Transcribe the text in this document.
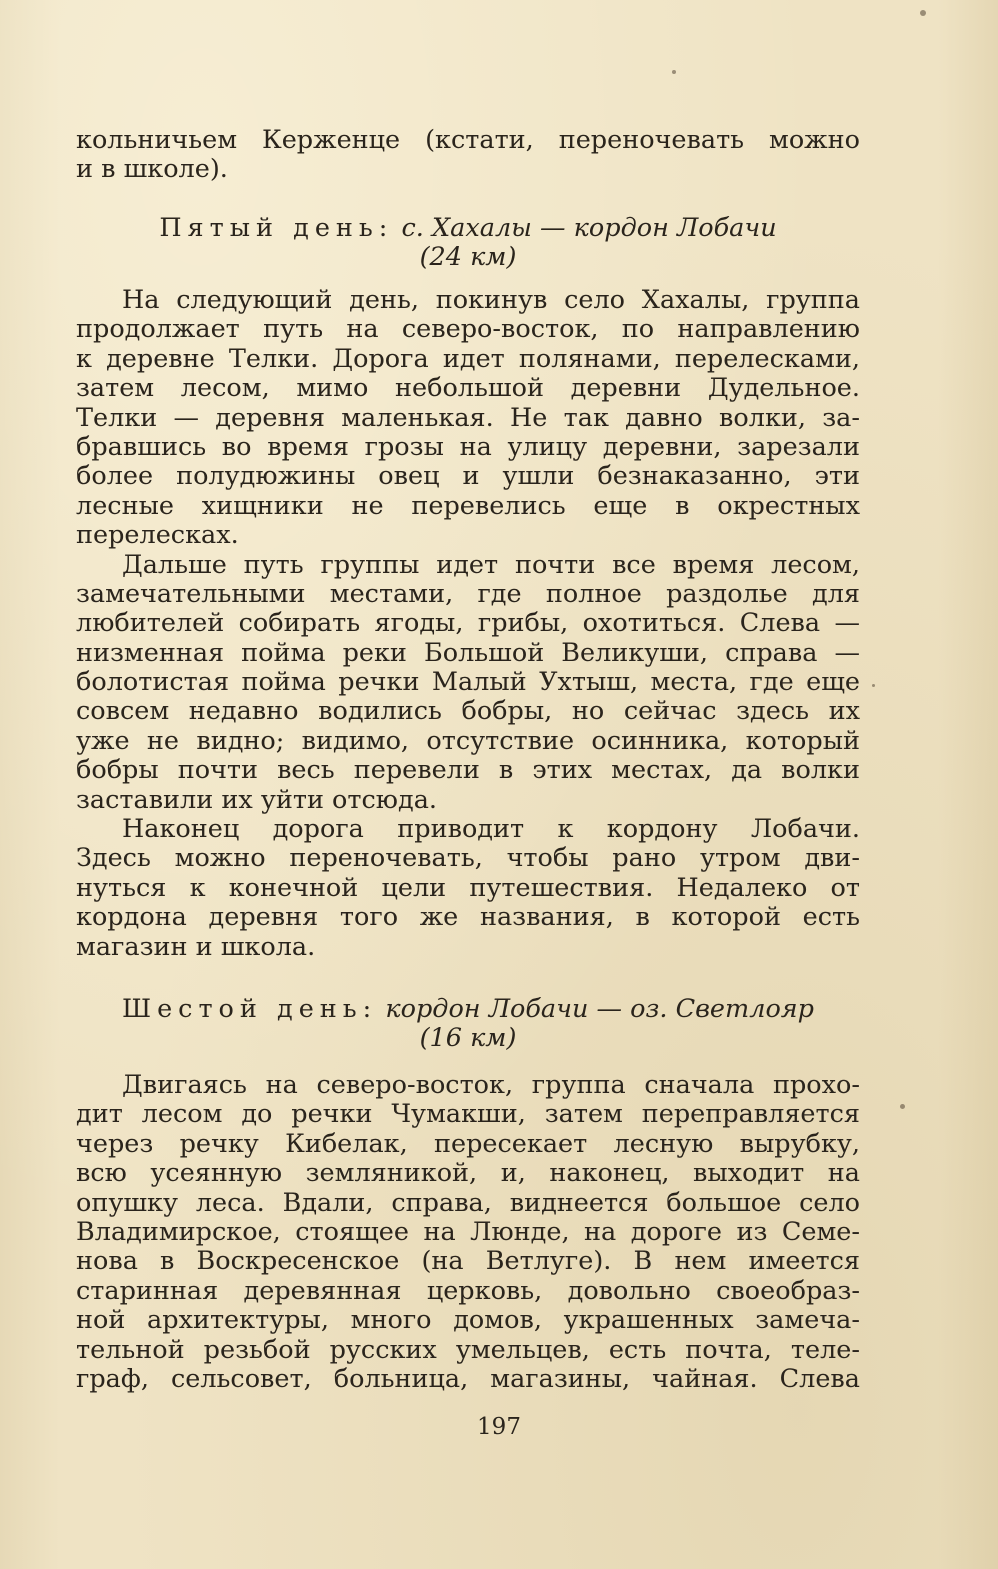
кольничьем Керженце (кстати, переночевать можно
и в школе).
Пятый день: с. Хахалы — кордон Лобачи
(24 км)
На следующий день, покинув село Хахалы, группа
продолжает путь на северо-восток, по направлению
к деревне Телки. Дорога идет полянами, перелесками,
затем лесом, мимо небольшой деревни Дудельное.
Телки — деревня маленькая. Не так давно волки, за-
бравшись во время грозы на улицу деревни, зарезали
более полудюжины овец и ушли безнаказанно, эти
лесные хищники не перевелись еще в окрестных
перелесках.
Дальше путь группы идет почти все время лесом,
замечательными местами, где полное раздолье для
любителей собирать ягоды, грибы, охотиться. Слева —
низменная пойма реки Большой Великуши, справа —
болотистая пойма речки Малый Ухтыш, места, где еще
совсем недавно водились бобры, но сейчас здесь их
уже не видно; видимо, отсутствие осинника, который
бобры почти весь перевели в этих местах, да волки
заставили их уйти отсюда.
Наконец дорога приводит к кордону Лобачи.
Здесь можно переночевать, чтобы рано утром дви-
нуться к конечной цели путешествия. Недалеко от
кордона деревня того же названия, в которой есть
магазин и школа.
Шестой день: кордон Лобачи — оз. Светлояр
(16 км)
Двигаясь на северо-восток, группа сначала прохо-
дит лесом до речки Чумакши, затем переправляется
через речку Кибелак, пересекает лесную вырубку,
всю усеянную земляникой, и, наконец, выходит на
опушку леса. Вдали, справа, виднеется большое село
Владимирское, стоящее на Люнде, на дороге из Семе-
нова в Воскресенское (на Ветлуге). В нем имеется
старинная деревянная церковь, довольно своеобраз-
ной архитектуры, много домов, украшенных замеча-
тельной резьбой русских умельцев, есть почта, теле-
граф, сельсовет, больница, магазины, чайная. Слева
197
